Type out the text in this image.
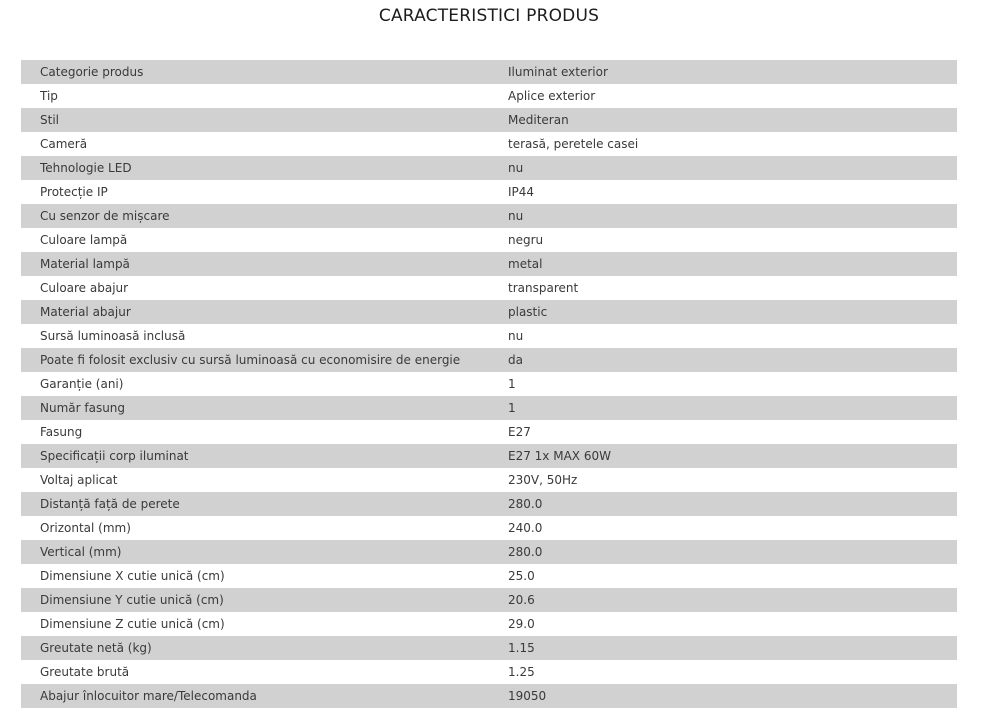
CARACTERISTICI PRODUS
Categorie produs	Iluminat exterior
Tip	Aplice exterior
Stil	Mediteran
Cameră	terasă, peretele casei
Tehnologie LED	nu
Protecție IP	IP44
Cu senzor de mișcare	nu
Culoare lampă	negru
Material lampă	metal
Culoare abajur	transparent
Material abajur	plastic
Sursă luminoasă inclusă	nu
Poate fi folosit exclusiv cu sursă luminoasă cu economisire de energie	da
Garanție (ani)	1
Număr fasung	1
Fasung	E27
Specificații corp iluminat	E27 1x MAX 60W
Voltaj aplicat	230V, 50Hz
Distanță față de perete	280.0
Orizontal (mm)	240.0
Vertical (mm)	280.0
Dimensiune X cutie unică (cm)	25.0
Dimensiune Y cutie unică (cm)	20.6
Dimensiune Z cutie unică (cm)	29.0
Greutate netă (kg)	1.15
Greutate brută	1.25
Abajur înlocuitor mare/Telecomanda	19050
